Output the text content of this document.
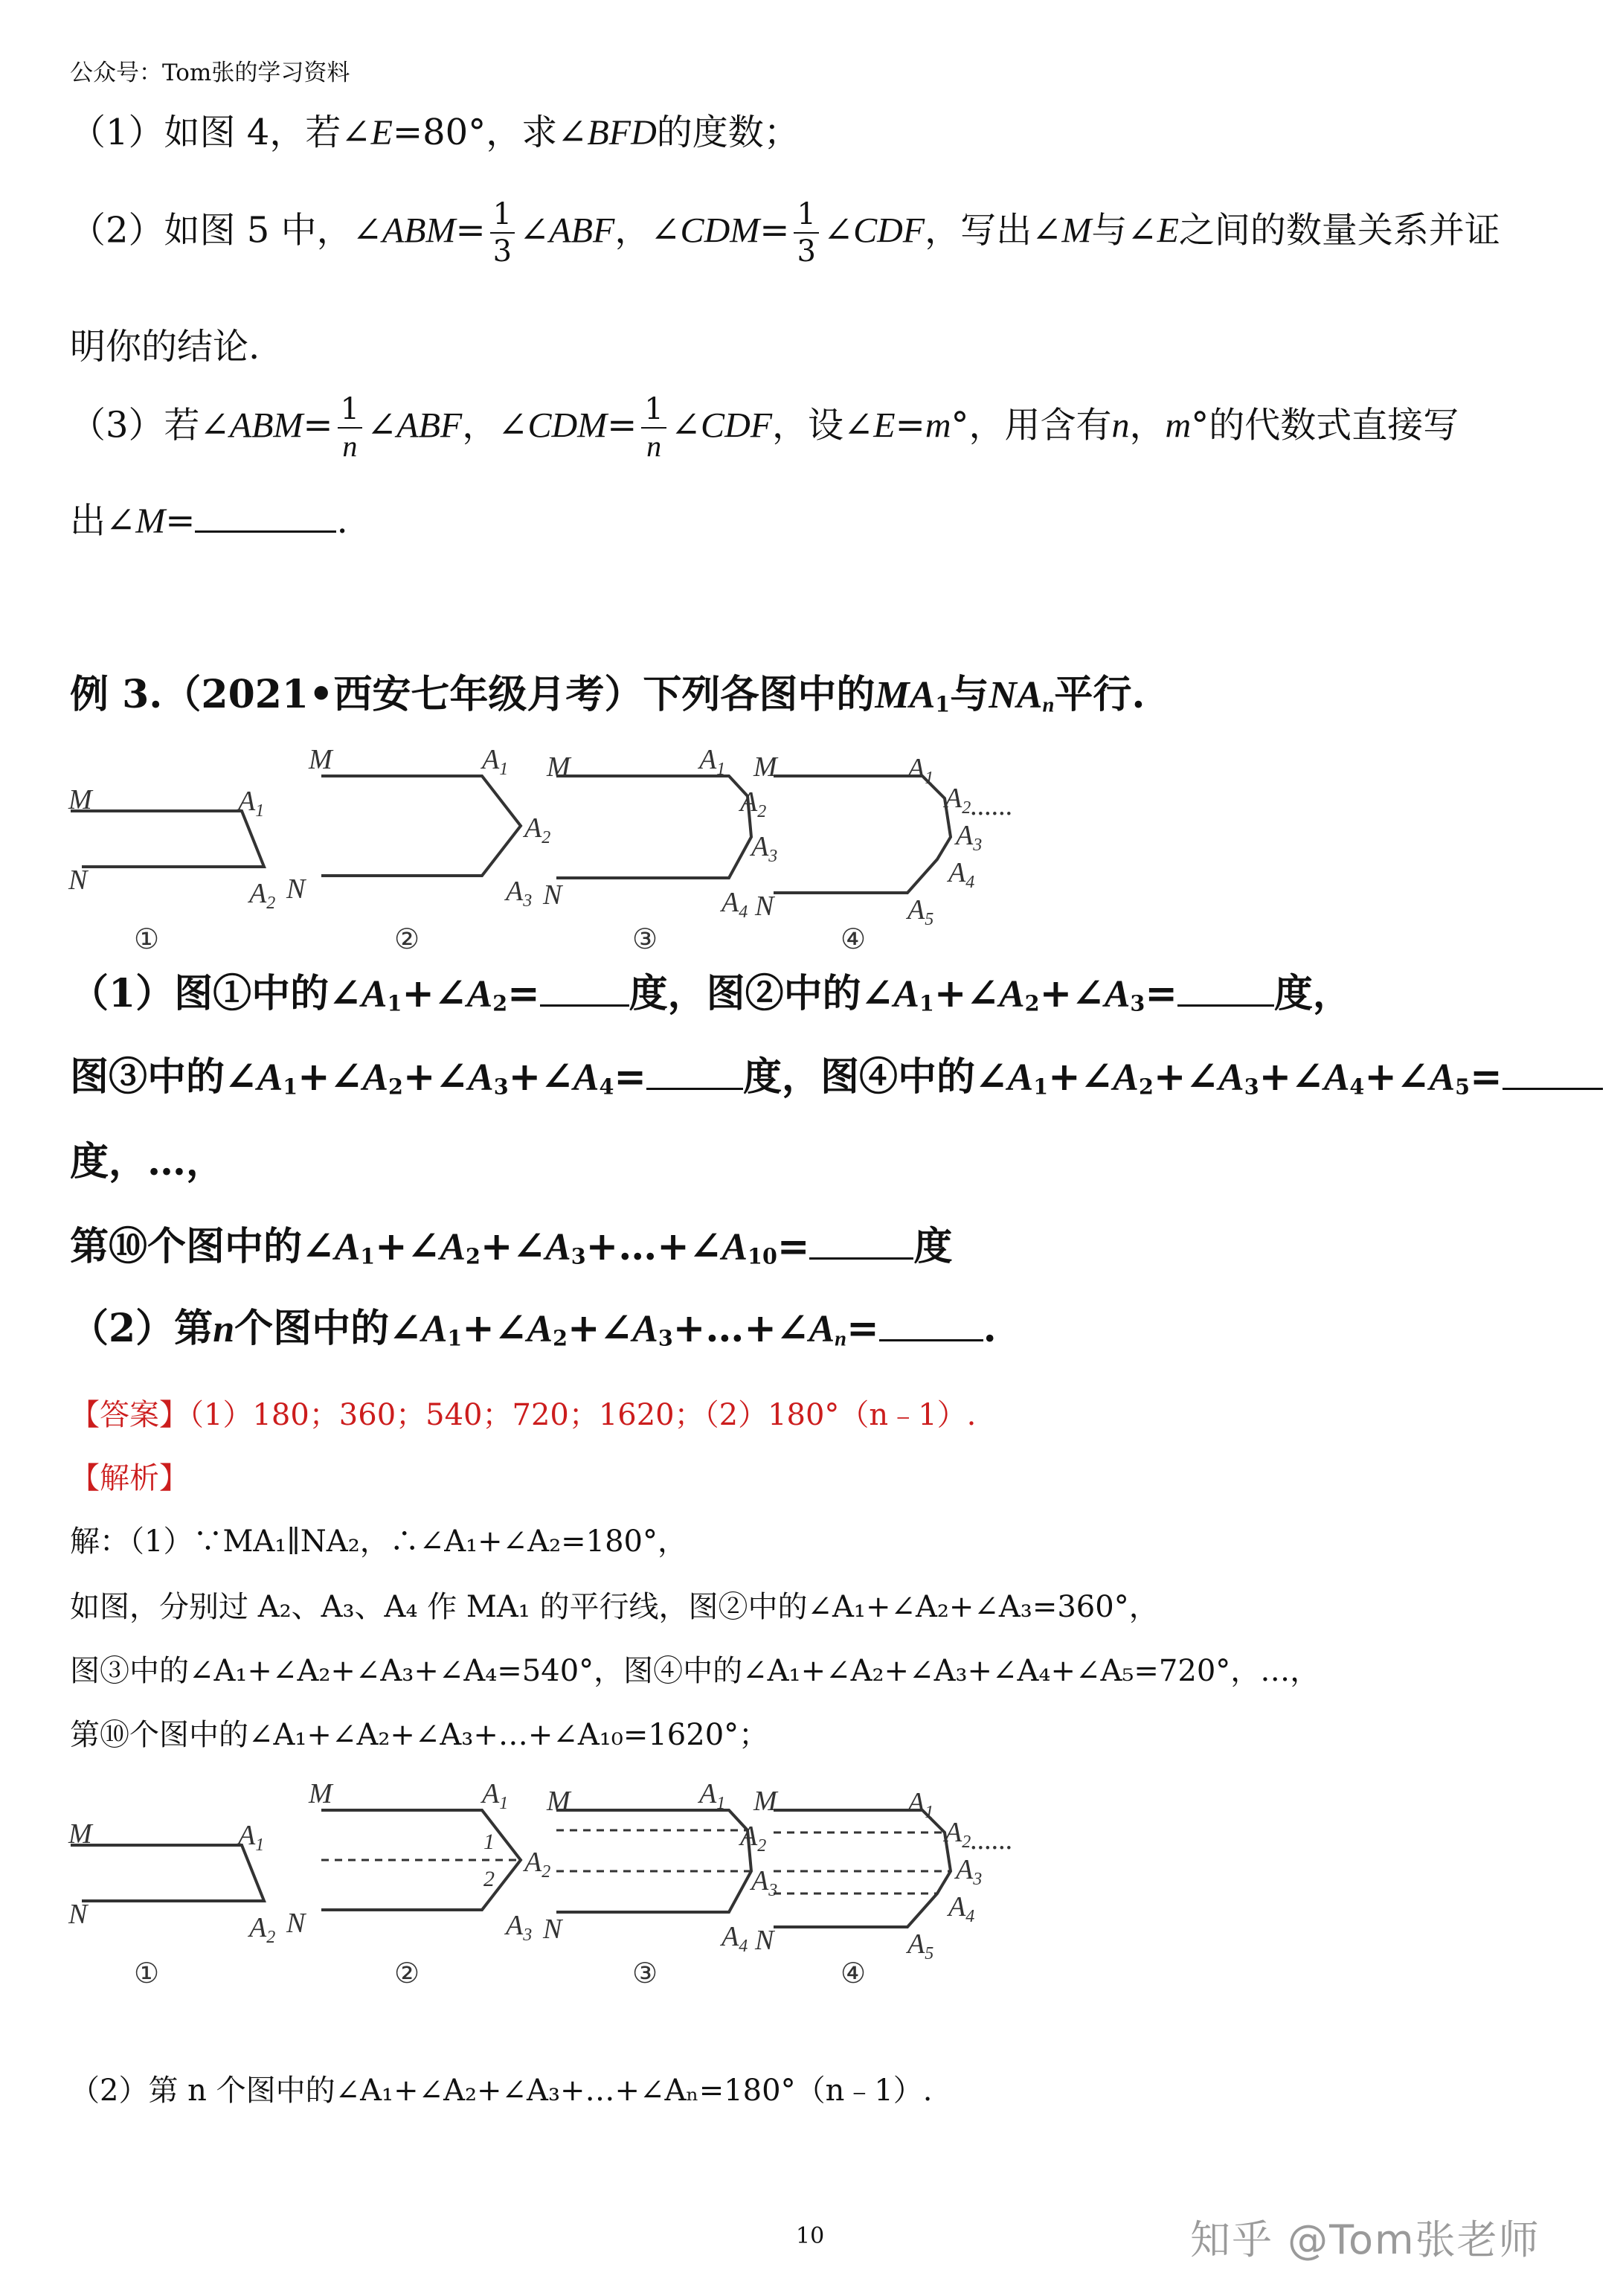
公众号：Tom张的学习资料
（1）如图 4，若∠E=80°，求∠BFD的度数；
（2）如图 5 中，∠ABM= $\frac{1}{3}$ ∠ABF，∠CDM= $\frac{1}{3}$ ∠CDF，写出∠M与∠E之间的数量关系并证
明你的结论.
（3）若∠ABM= $\frac{1}{n}$ ∠ABF，∠CDM= $\frac{1}{n}$ ∠CDF，设∠E=m°，用含有n，m°的代数式直接写
出∠M=	.
例 3.（2021•西安七年级月考）下列各图中的$MA_1$与$NA_n$平行.
M
N
$A_1$
$A_2$ N
①
M	$A_1$
$A_2$
$A_3$ N
②
M	$A_1$
$A_2$
$A_3$
$A_4$
③
M
N
$A_1$
$A_2$
$A_3$
$A_4$
$A_5$
......
④
（1）图①中的$\angle A_1+\angle A_2=$ 度，图②中的$\angle A_1+\angle A_2+\angle A_3=$	度，
图③中的$\angle A_1+\angle A_2+\angle A_3+\angle A_4=$	度，图④中的$\angle A_1+\angle A_2+\angle A_3+\angle A_4+\angle A_5=$
度，…，
第⑩个图中的$\angle A_1+\angle A_2+\angle A_3+\dots+\angle A_{10}=$	度
（2）第n个图中的$\angle A_1+\angle A_2+\angle A_3+\dots+\angle A_n=$	.
【答案】（1）180；360；540；720；1620；（2）180°（n﹣1）.
【解析】
解：（1）∵MA₁∥NA₂，∴∠A₁+∠A₂=180°，
如图，分别过 A₂、A₃、A₄ 作 MA₁ 的平行线，图②中的∠A₁+∠A₂+∠A₃=360°，
图③中的∠A₁+∠A₂+∠A₃+∠A₄=540°，图④中的∠A₁+∠A₂+∠A₃+∠A₄+∠A₅=720°，…，
第⑩个图中的∠A₁+∠A₂+∠A₃+…+∠A₁₀=1620°；
M
N
$A_1$
$A_2$ N
①
M	$A_1$
1
2
$A_2$
$A_3$ N
②
M	$A_1$
$A_2$
$A_3$
$A_4$
③
M
N
$A_1$
$A_2$
$A_3$
$A_4$
$A_5$
......
④
（2）第 n 个图中的∠A₁+∠A₂+∠A₃+…+∠Aₙ=180°（n﹣1）.
10	知乎 @Tom张老师
